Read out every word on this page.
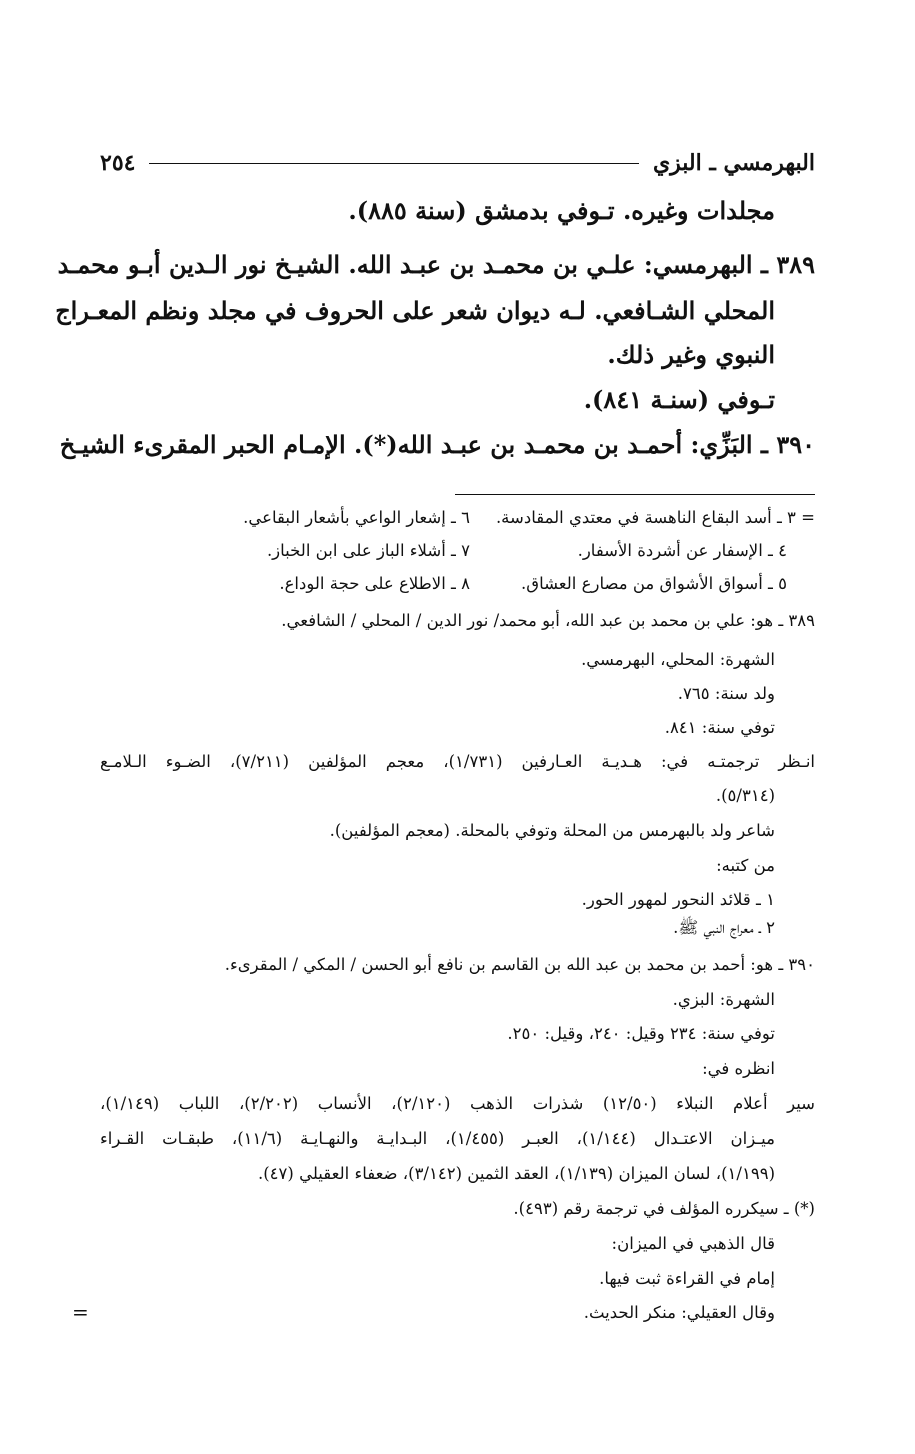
البهرمسي ـ البزي
٢٥٤
مجلدات وغيره. تـوفي بدمشق (سنة ٨٨٥).
٣٨٩ ـ البهرمسي: علـي بن محمـد بن عبـد الله. الشيـخ نور الـدين أبـو محمـد
المحلي الشـافعي. لـه ديوان شعر على الحروف في مجلد ونظم المعـراج
النبوي وغير ذلك.
تـوفي (سنـة ٨٤١).
٣٩٠ ـ البَزِّي: أحمـد بن محمـد بن عبـد الله(*). الإمـام الحبر المقرىء الشيـخ
= ٣ ـ أسد البقاع الناهسة في معتدي المقادسة.
٦ ـ إشعار الواعي بأشعار البقاعي.
٤ ـ الإسفار عن أشردة الأسفار.
٧ ـ أشلاء الباز على ابن الخباز.
٥ ـ أسواق الأشواق من مصارع العشاق.
٨ ـ الاطلاع على حجة الوداع.
٣٨٩ ـ هو: علي بن محمد بن عبد الله، أبو محمد/ نور الدين / المحلي / الشافعي.
الشهرة: المحلي، البهرمسي.
ولد سنة: ٧٦٥.
توفي سنة: ٨٤١.
انـظر ترجمتـه في: هـديـة العـارفين (١/٧٣١)، معجم المؤلفين (٧/٢١١)، الضـوء الـلامـع
(٥/٣١٤).
شاعر ولد بالبهرمس من المحلة وتوفي بالمحلة. (معجم المؤلفين).
من كتبه:
١ ـ قلائد النحور لمهور الحور.
٢ ـ معراج النبي ﷺ.
٣٩٠ ـ هو: أحمد بن محمد بن عبد الله بن القاسم بن نافع أبو الحسن / المكي / المقرىء.
الشهرة: البزي.
توفي سنة: ٢٣٤ وقيل: ٢٤٠، وقيل: ٢٥٠.
انظره في:
سير أعلام النبلاء (١٢/٥٠) شذرات الذهب (٢/١٢٠)، الأنساب (٢/٢٠٢)، اللباب (١/١٤٩)،
ميـزان الاعتـدال (١/١٤٤)، العبـر (١/٤٥٥)، البـدايـة والنهـايـة (١١/٦)، طبقـات القـراء
(١/١٩٩)، لسان الميزان (١/١٣٩)، العقد الثمين (٣/١٤٢)، ضعفاء العقيلي (٤٧).
(*) ـ سيكرره المؤلف في ترجمة رقم (٤٩٣).
قال الذهبي في الميزان:
إمام في القراءة ثبت فيها.
وقال العقيلي: منكر الحديث.
=
